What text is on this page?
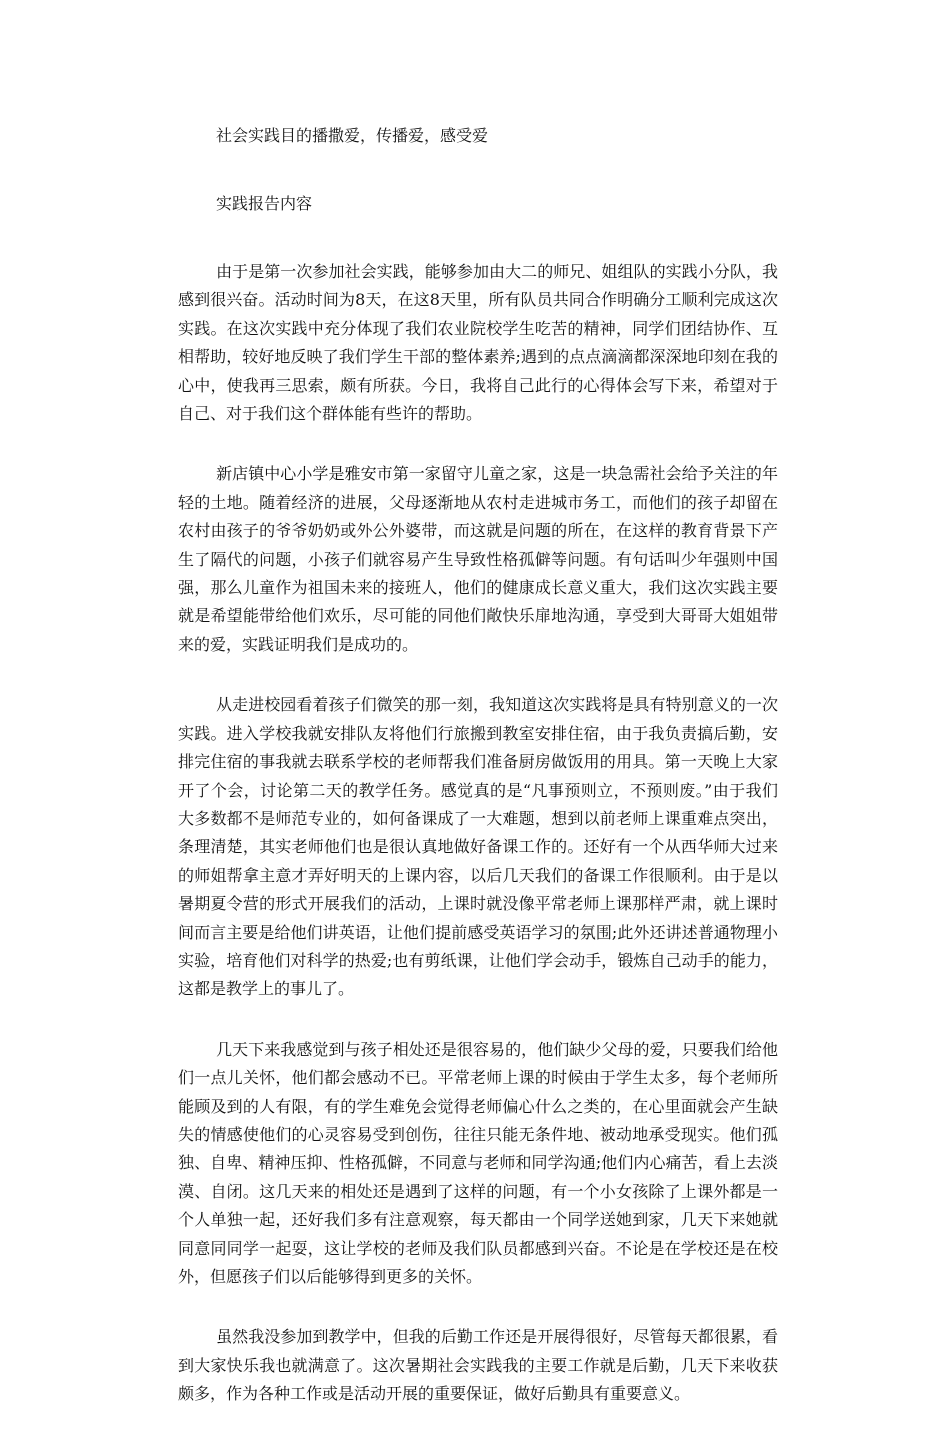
社会实践目的播撒爱，传播爱，感受爱
实践报告内容

由于是第一次参加社会实践，能够参加由大二的师兄、姐组队的实践小分队，我感到很兴奋。活动时间为8天，在这8天里，所有队员共同合作明确分工顺利完成这次实践。在这次实践中充分体现了我们农业院校学生吃苦的精神，同学们团结协作、互相帮助，较好地反映了我们学生干部的整体素养;遇到的点点滴滴都深深地印刻在我的心中，使我再三思索，颇有所获。今日，我将自己此行的心得体会写下来，希望对于自己、对于我们这个群体能有些许的帮助。

新店镇中心小学是雅安市第一家留守儿童之家，这是一块急需社会给予关注的年轻的土地。随着经济的进展，父母逐渐地从农村走进城市务工，而他们的孩子却留在农村由孩子的爷爷奶奶或外公外婆带，而这就是问题的所在，在这样的教育背景下产生了隔代的问题，小孩子们就容易产生导致性格孤僻等问题。有句话叫少年强则中国强，那么儿童作为祖国未来的接班人，他们的健康成长意义重大，我们这次实践主要就是希望能带给他们欢乐，尽可能的同他们敞快乐扉地沟通，享受到大哥哥大姐姐带来的爱，实践证明我们是成功的。

从走进校园看着孩子们微笑的那一刻，我知道这次实践将是具有特别意义的一次实践。进入学校我就安排队友将他们行旅搬到教室安排住宿，由于我负责搞后勤，安排完住宿的事我就去联系学校的老师帮我们准备厨房做饭用的用具。第一天晚上大家开了个会，讨论第二天的教学任务。感觉真的是“凡事预则立，不预则废。”由于我们大多数都不是师范专业的，如何备课成了一大难题，想到以前老师上课重难点突出，条理清楚，其实老师他们也是很认真地做好备课工作的。还好有一个从西华师大过来的师姐帮拿主意才弄好明天的上课内容，以后几天我们的备课工作很顺利。由于是以暑期夏令营的形式开展我们的活动，上课时就没像平常老师上课那样严肃，就上课时间而言主要是给他们讲英语，让他们提前感受英语学习的氛围;此外还讲述普通物理小实验，培育他们对科学的热爱;也有剪纸课，让他们学会动手，锻炼自己动手的能力，这都是教学上的事儿了。

几天下来我感觉到与孩子相处还是很容易的，他们缺少父母的爱，只要我们给他们一点儿关怀，他们都会感动不已。平常老师上课的时候由于学生太多，每个老师所能顾及到的人有限，有的学生难免会觉得老师偏心什么之类的，在心里面就会产生缺失的情感使他们的心灵容易受到创伤，往往只能无条件地、被动地承受现实。他们孤独、自卑、精神压抑、性格孤僻，不同意与老师和同学沟通;他们内心痛苦，看上去淡漠、自闭。这几天来的相处还是遇到了这样的问题，有一个小女孩除了上课外都是一个人单独一起，还好我们多有注意观察，每天都由一个同学送她到家，几天下来她就同意同同学一起耍，这让学校的老师及我们队员都感到兴奋。不论是在学校还是在校外，但愿孩子们以后能够得到更多的关怀。

虽然我没参加到教学中，但我的后勤工作还是开展得很好，尽管每天都很累，看到大家快乐我也就满意了。这次暑期社会实践我的主要工作就是后勤，几天下来收获颇多，作为各种工作或是活动开展的重要保证，做好后勤具有重要意义。
